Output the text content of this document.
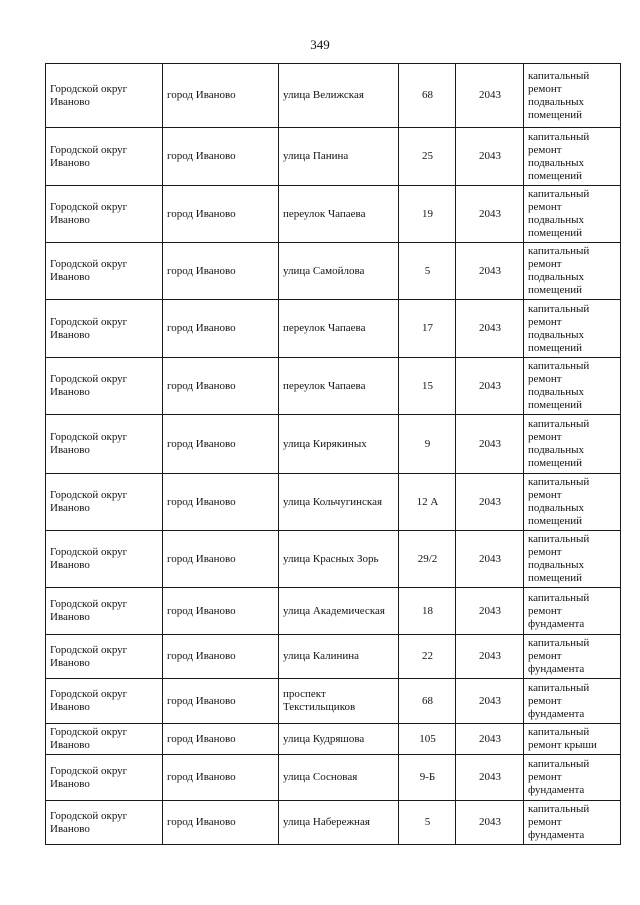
349
Городской округ Иваново	город Иваново	улица Велижская	68	2043	капитальный ремонт подвальных помещений
Городской округ Иваново	город Иваново	улица Панина	25	2043	капитальный ремонт подвальных помещений
Городской округ Иваново	город Иваново	переулок Чапаева	19	2043	капитальный ремонт подвальных помещений
Городской округ Иваново	город Иваново	улица Самойлова	5	2043	капитальный ремонт подвальных помещений
Городской округ Иваново	город Иваново	переулок Чапаева	17	2043	капитальный ремонт подвальных помещений
Городской округ Иваново	город Иваново	переулок Чапаева	15	2043	капитальный ремонт подвальных помещений
Городской округ Иваново	город Иваново	улица Кирякиных	9	2043	капитальный ремонт подвальных помещений
Городской округ Иваново	город Иваново	улица Кольчугинская	12 А	2043	капитальный ремонт подвальных помещений
Городской округ Иваново	город Иваново	улица Красных Зорь	29/2	2043	капитальный ремонт подвальных помещений
Городской округ Иваново	город Иваново	улица Академическая	18	2043	капитальный ремонт фундамента
Городской округ Иваново	город Иваново	улица Калинина	22	2043	капитальный ремонт фундамента
Городской округ Иваново	город Иваново	проспект Текстильщиков	68	2043	капитальный ремонт фундамента
Городской округ Иваново	город Иваново	улица Кудряшова	105	2043	капитальный ремонт крыши
Городской округ Иваново	город Иваново	улица Сосновая	9-Б	2043	капитальный ремонт фундамента
Городской округ Иваново	город Иваново	улица Набережная	5	2043	капитальный ремонт фундамента
